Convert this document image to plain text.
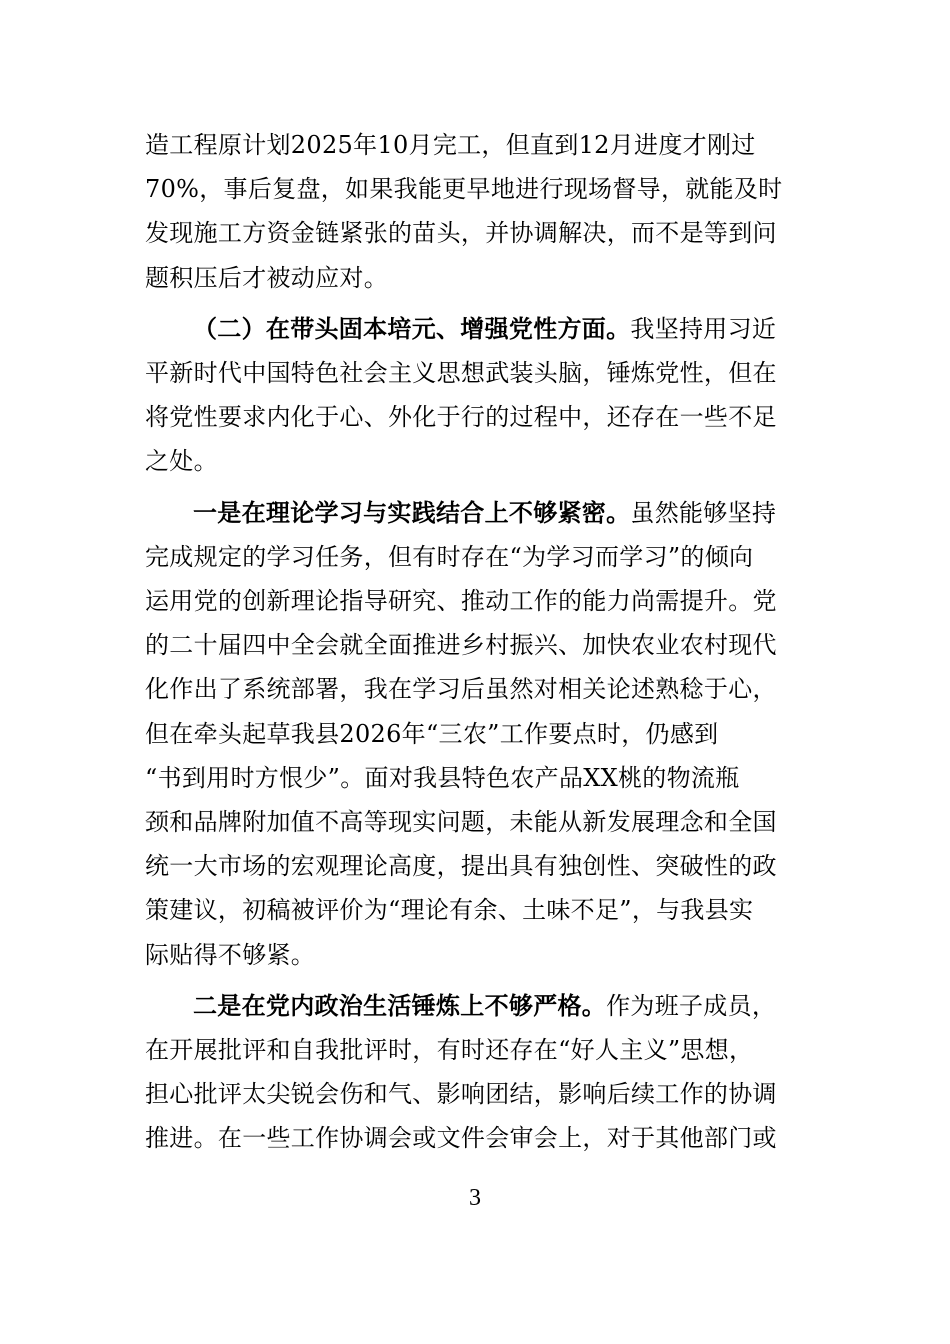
造工程原计划2025年10月完工，但直到12月进度才刚过
70%，事后复盘，如果我能更早地进行现场督导，就能及时
发现施工方资金链紧张的苗头，并协调解决，而不是等到问
题积压后才被动应对。

（二）在带头固本培元、增强党性方面。我坚持用习近
平新时代中国特色社会主义思想武装头脑，锤炼党性，但在
将党性要求内化于心、外化于行的过程中，还存在一些不足
之处。

一是在理论学习与实践结合上不够紧密。虽然能够坚持
完成规定的学习任务，但有时存在“为学习而学习”的倾向
运用党的创新理论指导研究、推动工作的能力尚需提升。党
的二十届四中全会就全面推进乡村振兴、加快农业农村现代
化作出了系统部署，我在学习后虽然对相关论述熟稔于心，
但在牵头起草我县2026年“三农”工作要点时，仍感到
“书到用时方恨少”。面对我县特色农产品XX桃的物流瓶
颈和品牌附加值不高等现实问题，未能从新发展理念和全国
统一大市场的宏观理论高度，提出具有独创性、突破性的政
策建议，初稿被评价为“理论有余、土味不足”，与我县实
际贴得不够紧。

二是在党内政治生活锤炼上不够严格。作为班子成员，
在开展批评和自我批评时，有时还存在“好人主义”思想，
担心批评太尖锐会伤和气、影响团结，影响后续工作的协调
推进。在一些工作协调会或文件会审会上，对于其他部门或

3
